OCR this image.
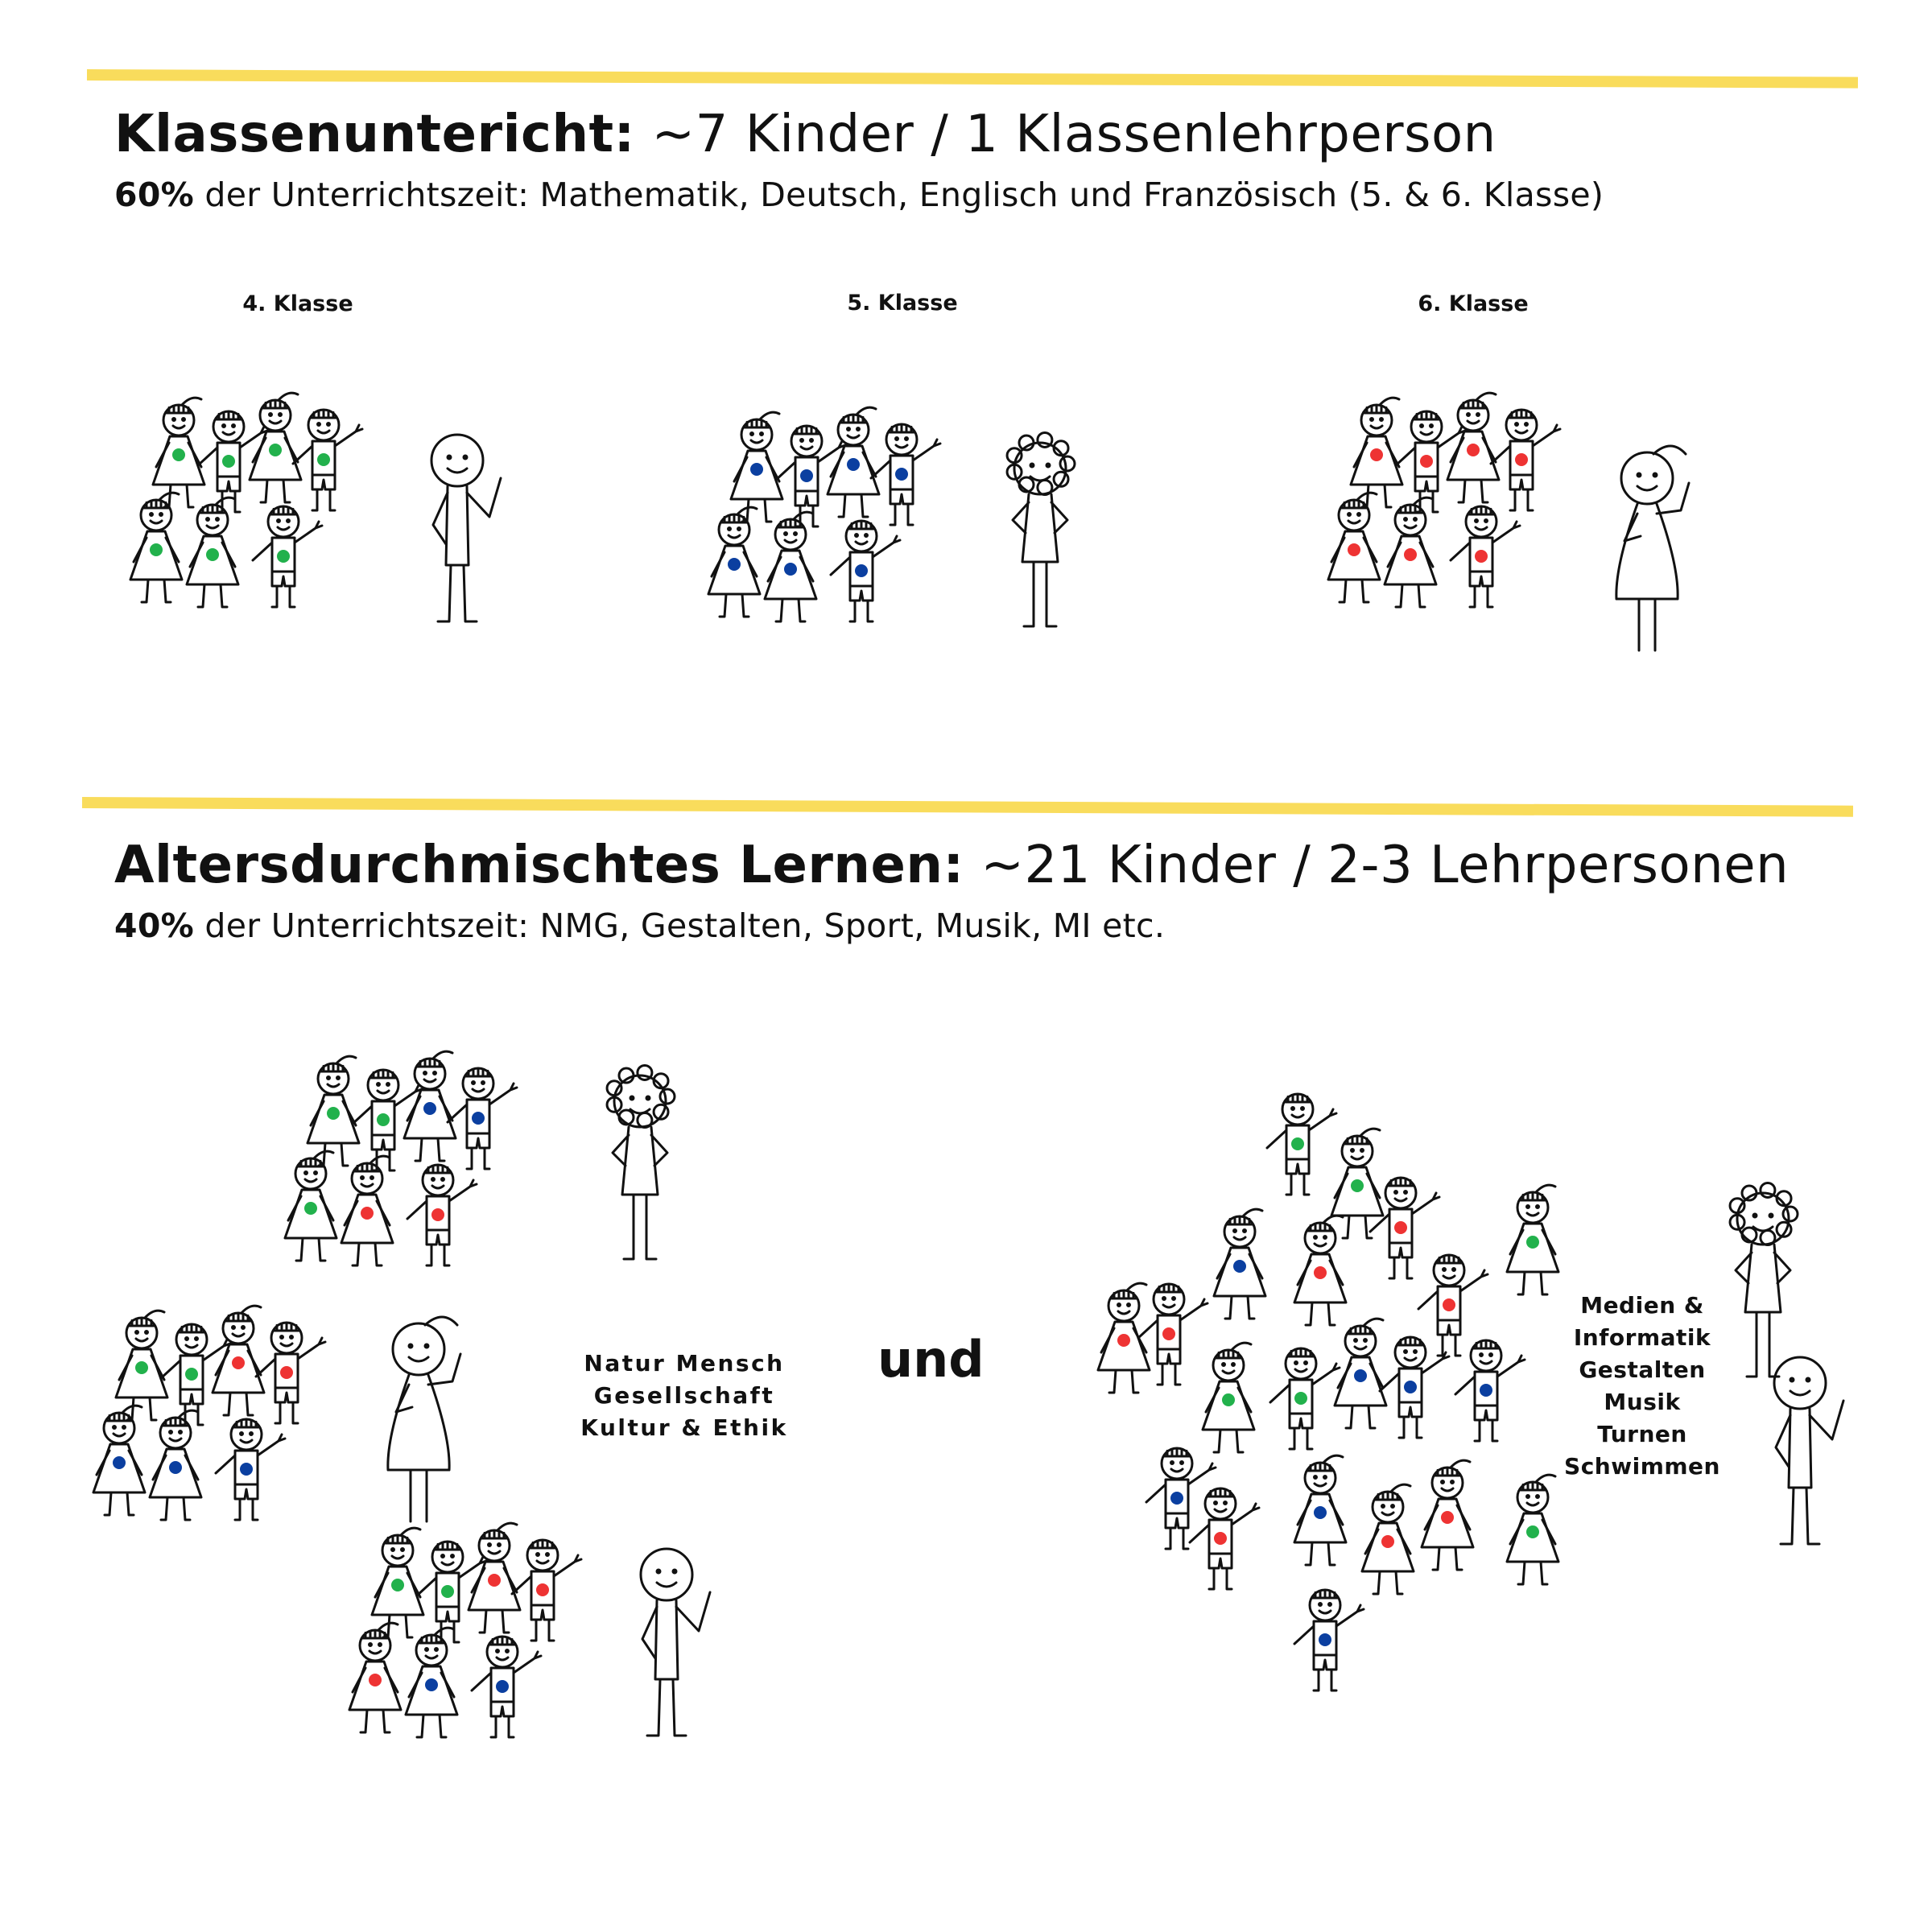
Klassenuntericht: ~7 Kinder / 1 Klassenlehrperson

60% der Unterrichtszeit: Mathematik, Deutsch, Englisch und Französisch (5. & 6. Klasse)

4. Klasse	5. Klasse	6. Klasse
Altersdurchmischtes Lernen: ~21 Kinder / 2-3 Lehrpersonen

40% der Unterrichtszeit: NMG, Gestalten, Sport, Musik, MI etc.

Natur Mensch
Gesellschaft
Kultur & Ethik
und
Medien &
Informatik
Gestalten
Musik
Turnen
Schwimmen
